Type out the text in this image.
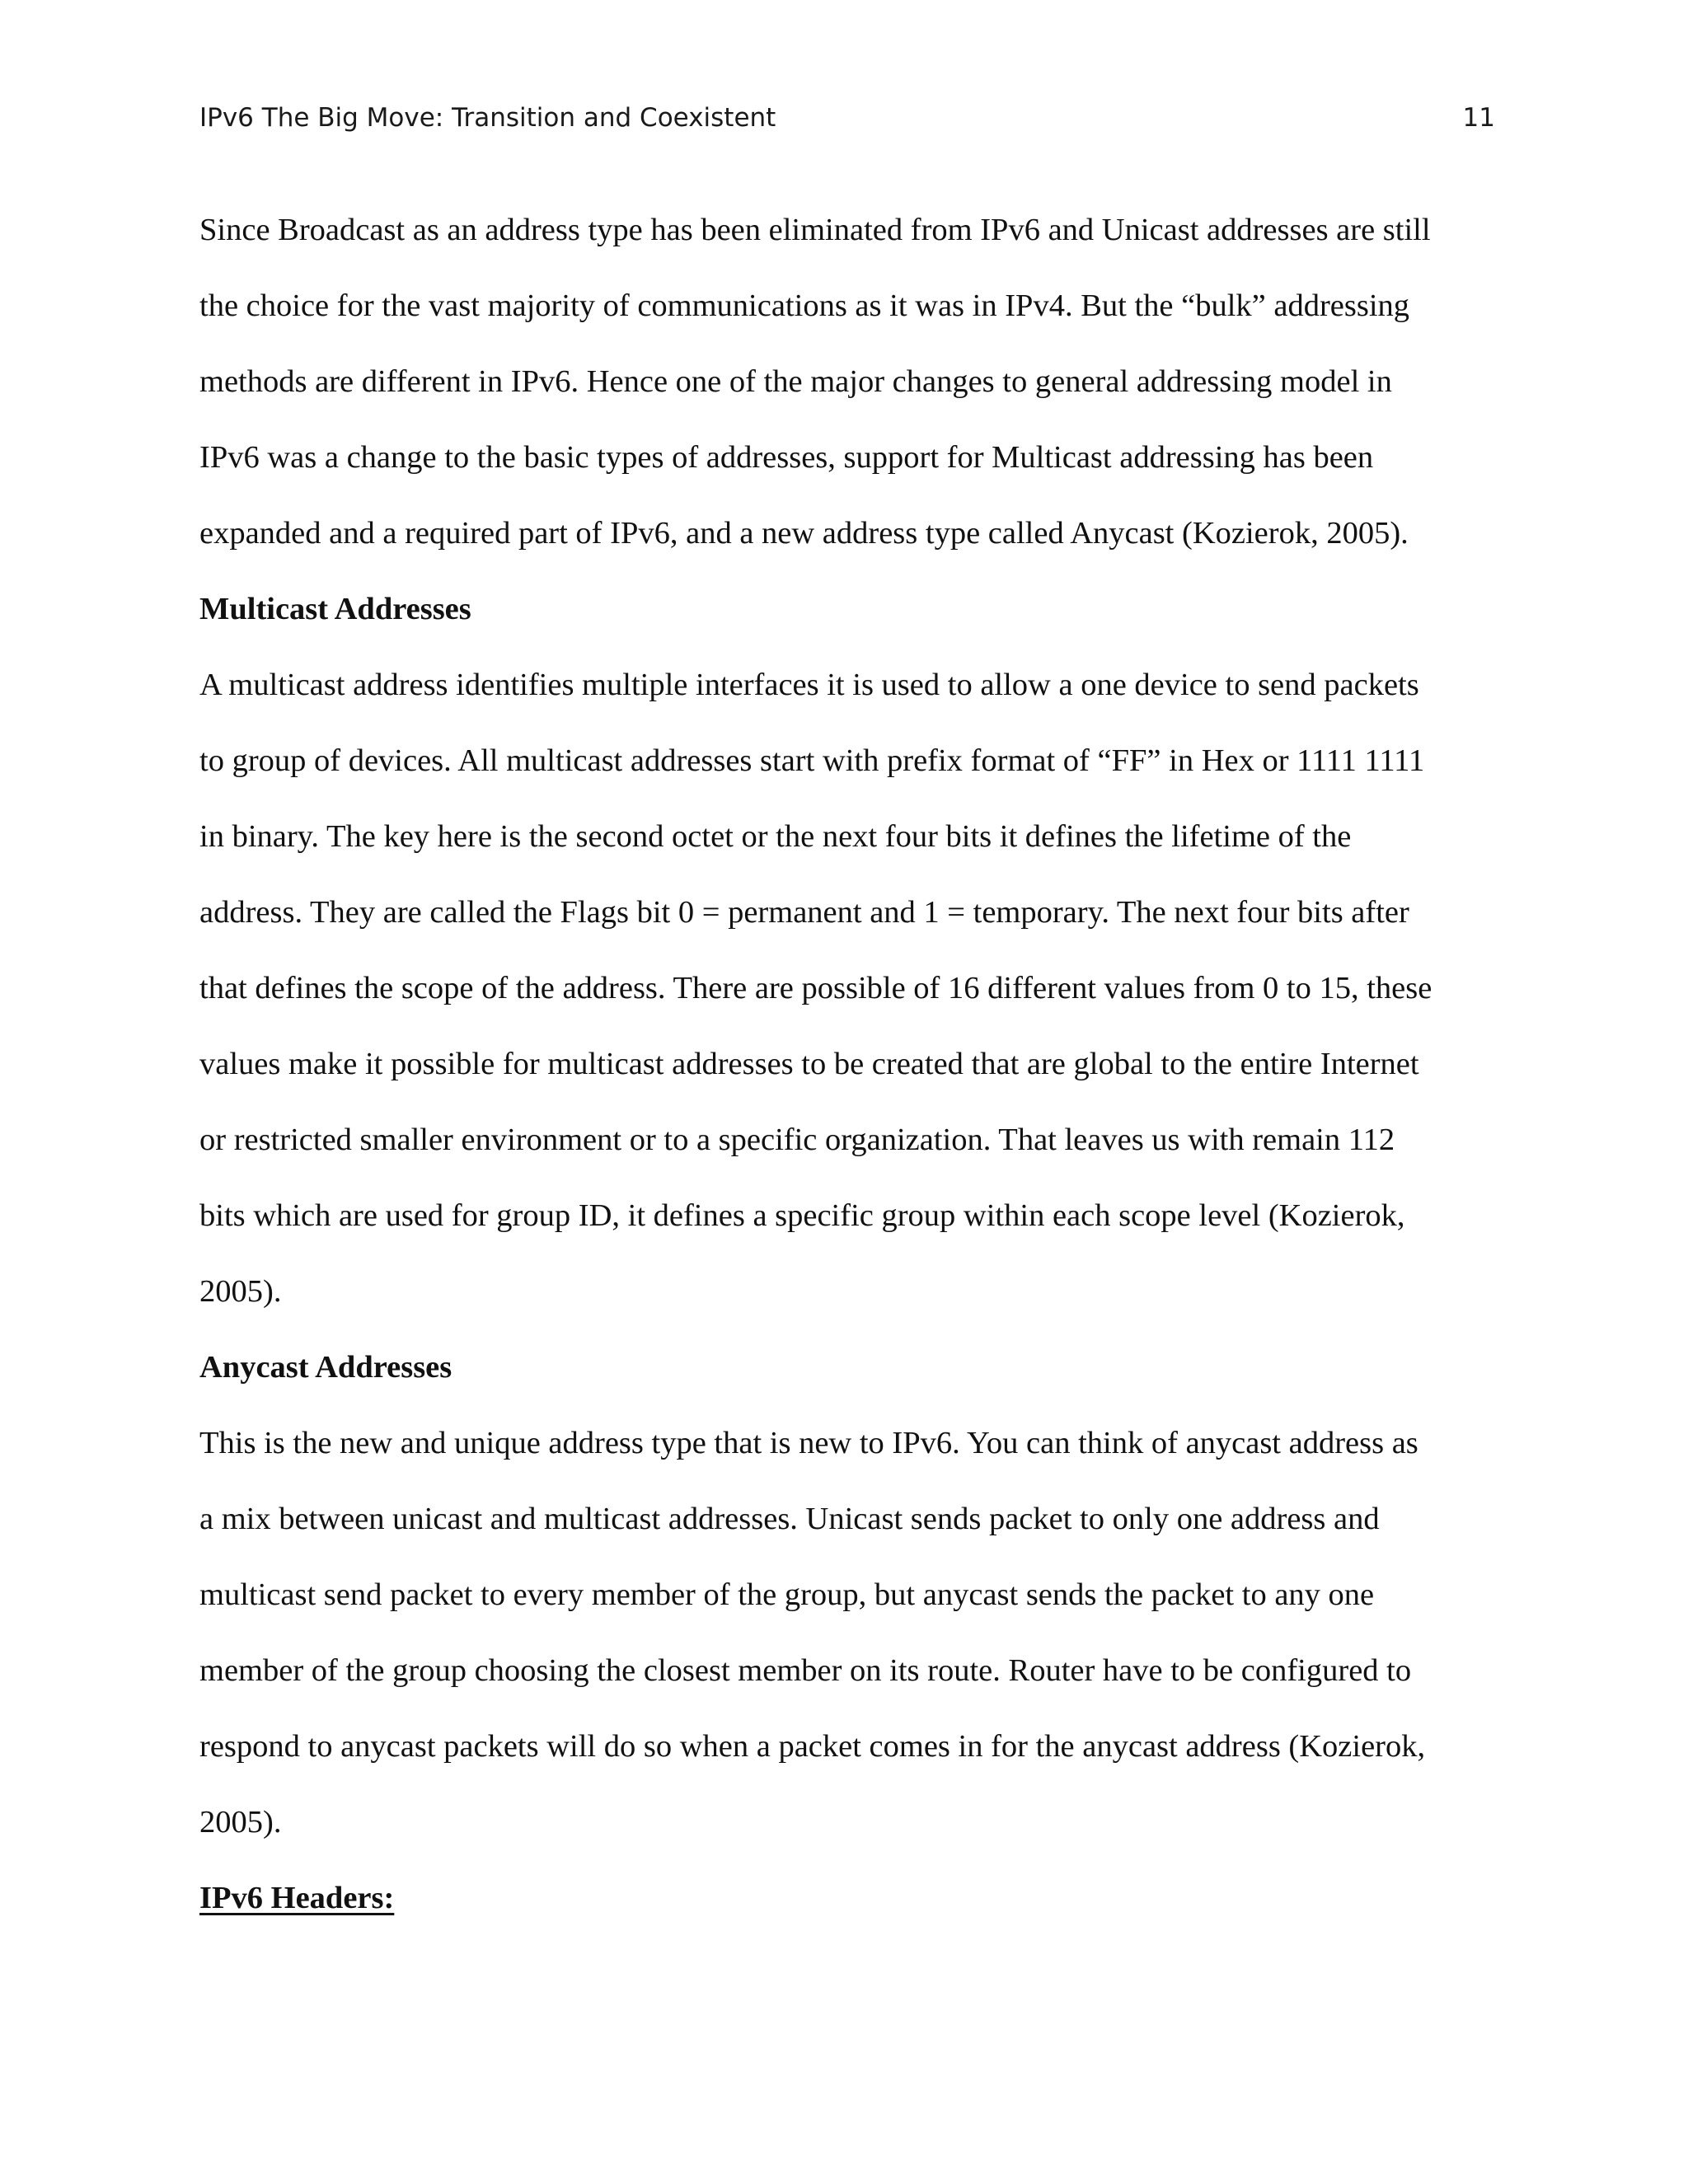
IPv6 The Big Move: Transition and Coexistent	11
Since Broadcast as an address type has been eliminated from IPv6 and Unicast addresses are still
the choice for the vast majority of communications as it was in IPv4. But the “bulk” addressing
methods are different in IPv6. Hence one of the major changes to general addressing model in
IPv6 was a change to the basic types of addresses, support for Multicast addressing has been
expanded and a required part of IPv6, and a new address type called Anycast (Kozierok, 2005).
Multicast Addresses
A multicast address identifies multiple interfaces it is used to allow a one device to send packets
to group of devices. All multicast addresses start with prefix format of “FF” in Hex or 1111 1111
in binary. The key here is the second octet or the next four bits it defines the lifetime of the
address. They are called the Flags bit 0 = permanent and 1 = temporary. The next four bits after
that defines the scope of the address. There are possible of 16 different values from 0 to 15, these
values make it possible for multicast addresses to be created that are global to the entire Internet
or restricted smaller environment or to a specific organization. That leaves us with remain 112
bits which are used for group ID, it defines a specific group within each scope level (Kozierok,
2005).
Anycast Addresses
This is the new and unique address type that is new to IPv6. You can think of anycast address as
a mix between unicast and multicast addresses. Unicast sends packet to only one address and
multicast send packet to every member of the group, but anycast sends the packet to any one
member of the group choosing the closest member on its route. Router have to be configured to
respond to anycast packets will do so when a packet comes in for the anycast address (Kozierok,
2005).
IPv6 Headers:
